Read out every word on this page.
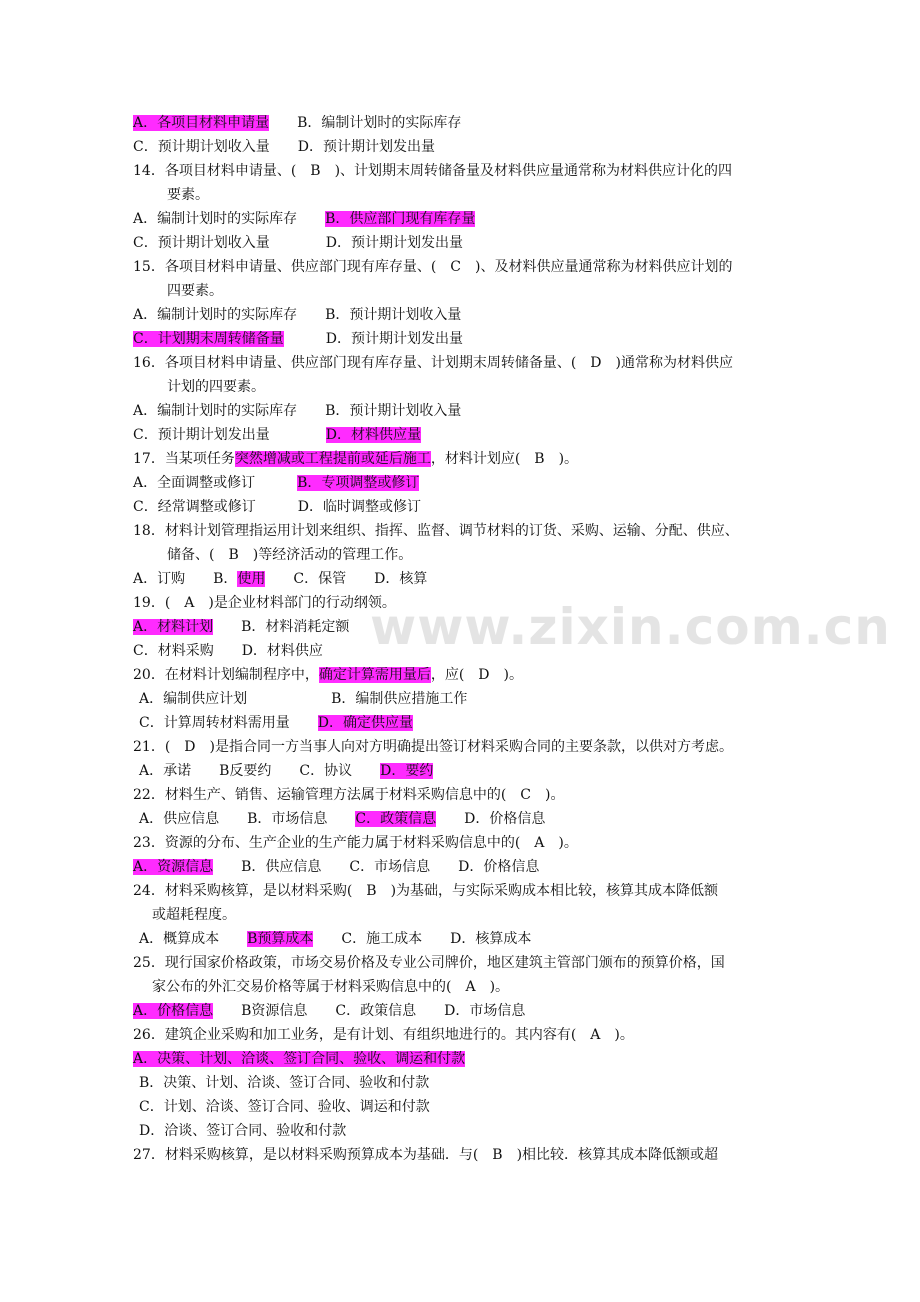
www.zixin.com.cn
A．各项目材料申请量　　B．编制计划时的实际库存
C．预计期计划收入量　　D．预计期计划发出量
14．各项目材料申请量、(　B　)、计划期末周转储备量及材料供应量通常称为材料供应计化的四
要素。
A．编制计划时的实际库存　　 B．供应部门现有库存量
C．预计期计划收入量　　　　D．预计期计划发出量
15．各项目材料申请量、供应部门现有库存量、(　C　)、及材料供应量通常称为材料供应计划的
四要素。
A．编制计划时的实际库存　　B．预计期计划收入量
C．计划期末周转储备量　　　D．预计期计划发出量
16．各项目材料申请量、供应部门现有库存量、计划期末周转储备量、(　D　)通常称为材料供应
计划的四要素。
A．编制计划时的实际库存　　B．预计期计划收入量
C．预计期计划发出量　　　　	D．材料供应量
17．当某项任务突然增减或工程提前或延后施工，材料计划应(　B　)。
A．全面调整或修订　　　	B．专项调整或修订
C．经常调整或修订　　　D．临时调整或修订
18．材料计划管理指运用计划来组织、指挥、监督、调节材料的订货、采购、运输、分配、供应、
储备、(　B　)等经济活动的管理工作。
A．订购　　B．使用　　C．保管　　D．核算
19．(　A　)是企业材料部门的行动纲领。
A．材料计划　　B．材料消耗定额
C．材料采购　　D．材料供应
20．在材料计划编制程序中，确定计算需用量后，应(　D　)。
A．编制供应计划　　　　　　B．编制供应措施工作
C．计算周转材料需用量　　D．确定供应量
21．(　D　)是指合同一方当事人向对方明确提出签订材料采购合同的主要条款，以供对方考虑。
A．承诺　　B反要约　　C．协议　　D．要约
22．材料生产、销售、运输管理方法属于材料采购信息中的(　C　)。
A．供应信息　　B．市场信息　　C．政策信息　　D．价格信息
23．资源的分布、生产企业的生产能力属于材料采购信息中的(　A　)。
A．资源信息　　B．供应信息　　C．市场信息　　D．价格信息
24．材料采购核算，是以材料采购(　B　)为基础，与实际采购成本相比较，核算其成本降低额
或超耗程度。
A．概算成本　　B预算成本　　C．施工成本　　D．核算成本
25．现行国家价格政策，市场交易价格及专业公司牌价，地区建筑主管部门颁布的预算价格，国
家公布的外汇交易价格等属于材料采购信息中的(　A　)。
A．价格信息　　B资源信息　　C．政策信息　　D．市场信息
26．建筑企业采购和加工业务，是有计划、有组织地进行的。其内容有(　A　)。
A．决策、计划、洽谈、签订合同、验收、调运和付款
B．决策、计划、洽谈、签订合同、验收和付款
C．计划、洽谈、签订合同、验收、调运和付款
D．洽谈、签订合同、验收和付款
27．材料采购核算，是以材料采购预算成本为基础．与(　B　)相比较．核算其成本降低额或超
